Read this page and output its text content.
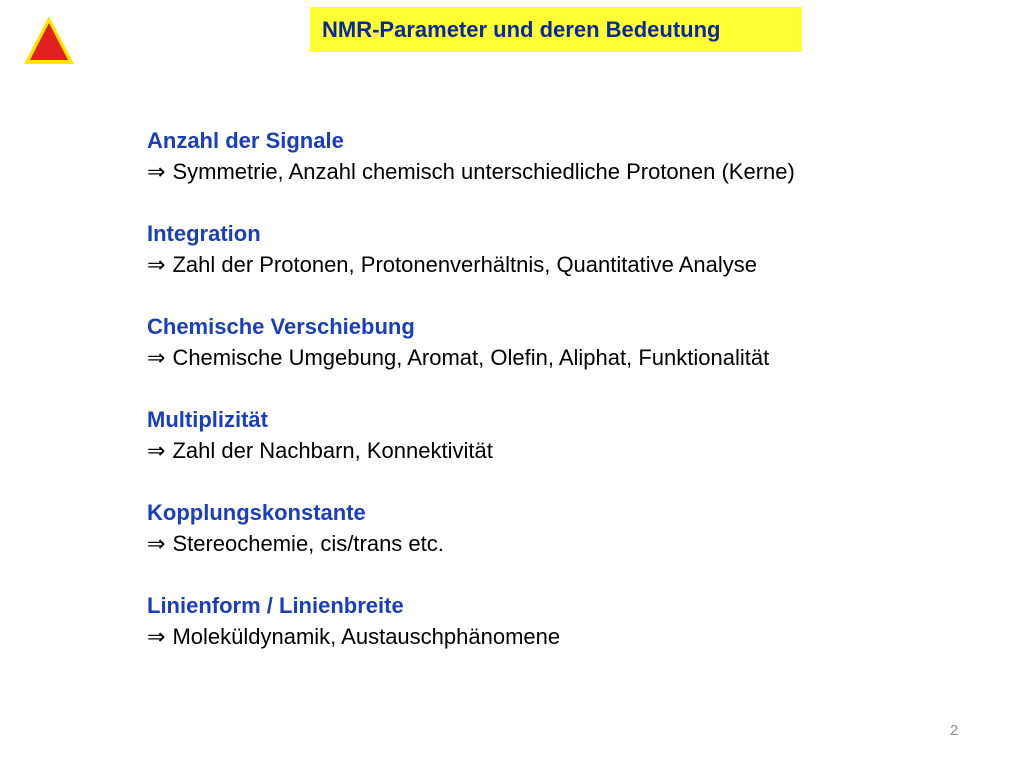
NMR-Parameter und deren Bedeutung
Anzahl der Signale
⇒ Symmetrie, Anzahl chemisch unterschiedliche Protonen (Kerne)
Integration
⇒ Zahl der Protonen, Protonenverhältnis, Quantitative Analyse
Chemische Verschiebung
⇒ Chemische Umgebung, Aromat, Olefin, Aliphat, Funktionalität
Multiplizität
⇒ Zahl der Nachbarn, Konnektivität
Kopplungskonstante
⇒ Stereochemie, cis/trans etc.
Linienform / Linienbreite
⇒ Moleküldynamik, Austauschphänomene
2
